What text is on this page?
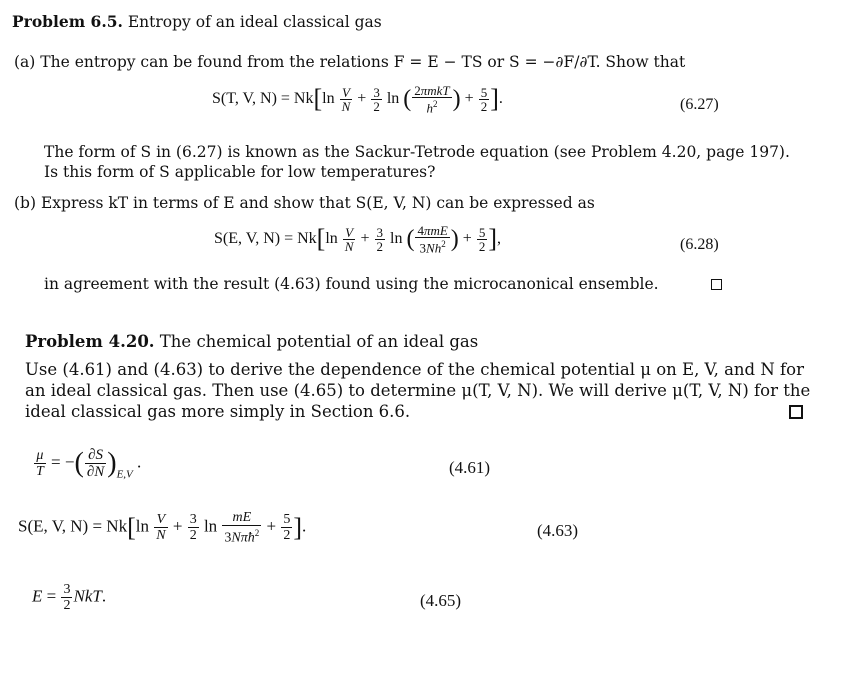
Problem 6.5. Entropy of an ideal classical gas
(a) The entropy can be found from the relations F = E − TS or S = −∂F/∂T. Show that
S(T, V, $N) = Nk[\ln \frac{V}{N} + \frac{3}{2}$ ln ( $\frac{\text{2πmkT}}{h^2}$ ) + $\frac{5}{2}$ ].	(6.27)
The form of S in (6.27) is known as the Sackur-Tetrode equation (see Problem 4.20, page 197).
Is this form of S applicable for low temperatures?
(b) Express kT in terms of E and show that S(E, V, N) can be expressed as
S(E, V, $N) = Nk[\ln \frac{V}{N} + \frac{3}{2}$ ln ( $\frac{\text{4πmE}}{3Nh^2}$ ) + $\frac{5}{2}$ ],	(6.28)
in agreement with the result (4.63) found using the microcanonical ensemble.
Problem 4.20. The chemical potential of an ideal gas
Use (4.61) and (4.63) to derive the dependence of the chemical potential μ on E, V, and N for
an ideal classical gas. Then use (4.65) to determine μ(T, V, N). We will derive μ(T, V, N) for the
ideal classical gas more simply in Section 6.6.
$\frac{\mu}{T}$ = −( $\frac{\partial S}{\partial N} )_{E,V}$ .	(4.61)
S(E, V, $N) = Nk[\ln \frac{V}{N} + \frac{3}{2}$ $\ln \frac{mE}{3N\pi ħ^2} + \frac{5}{2}$ ].	(4.63)
$E = \frac{3}{2}$ NkT.	(4.65)
